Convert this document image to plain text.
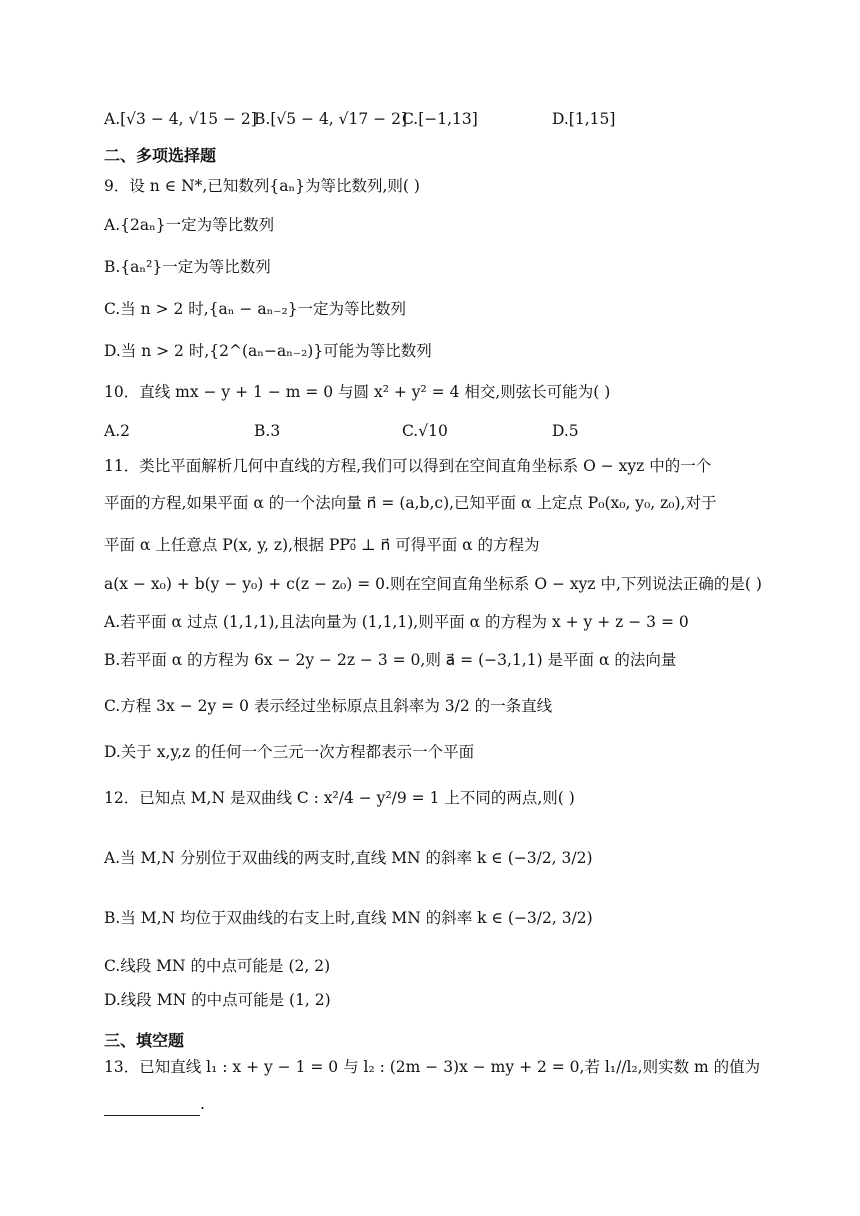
A.[√3 − 4, √15 − 2]
B.[√5 − 4, √17 − 2]
C.[−1,13]	D.[1,15]
二、多项选择题
9．设 n ∈ N*,已知数列{aₙ}为等比数列,则( )
A.{2aₙ}一定为等比数列
B.{aₙ²}一定为等比数列
C.当 n > 2 时,{aₙ − aₙ₋₂}一定为等比数列
D.当 n > 2 时,{2^(aₙ−aₙ₋₂)}可能为等比数列
10．直线 mx − y + 1 − m = 0 与圆 x² + y² = 4 相交,则弦长可能为( )
A.2	B.3	C.√10	D.5
11．类比平面解析几何中直线的方程,我们可以得到在空间直角坐标系 O − xyz 中的一个
平面的方程,如果平面 α 的一个法向量 n⃗ = (a,b,c),已知平面 α 上定点 P₀(x₀, y₀, z₀),对于
平面 α 上任意点 P(x, y, z),根据 PP₀⃗ ⊥ n⃗ 可得平面 α 的方程为
a(x − x₀) + b(y − y₀) + c(z − z₀) = 0.则在空间直角坐标系 O − xyz 中,下列说法正确的是( )
A.若平面 α 过点 (1,1,1),且法向量为 (1,1,1),则平面 α 的方程为 x + y + z − 3 = 0
B.若平面 α 的方程为 6x − 2y − 2z − 3 = 0,则 a⃗ = (−3,1,1) 是平面 α 的法向量
C.方程 3x − 2y = 0 表示经过坐标原点且斜率为 3/2 的一条直线
D.关于 x,y,z 的任何一个三元一次方程都表示一个平面
12．已知点 M,N 是双曲线 C : x²/4 − y²/9 = 1 上不同的两点,则( )
A.当 M,N 分别位于双曲线的两支时,直线 MN 的斜率 k ∈ (−3/2, 3/2)
B.当 M,N 均位于双曲线的右支上时,直线 MN 的斜率 k ∈ (−3/2, 3/2)
C.线段 MN 的中点可能是 (2, 2)
D.线段 MN 的中点可能是 (1, 2)
三、填空题
13．已知直线 l₁ : x + y − 1 = 0 与 l₂ : (2m − 3)x − my + 2 = 0,若 l₁//l₂,则实数 m 的值为
.
